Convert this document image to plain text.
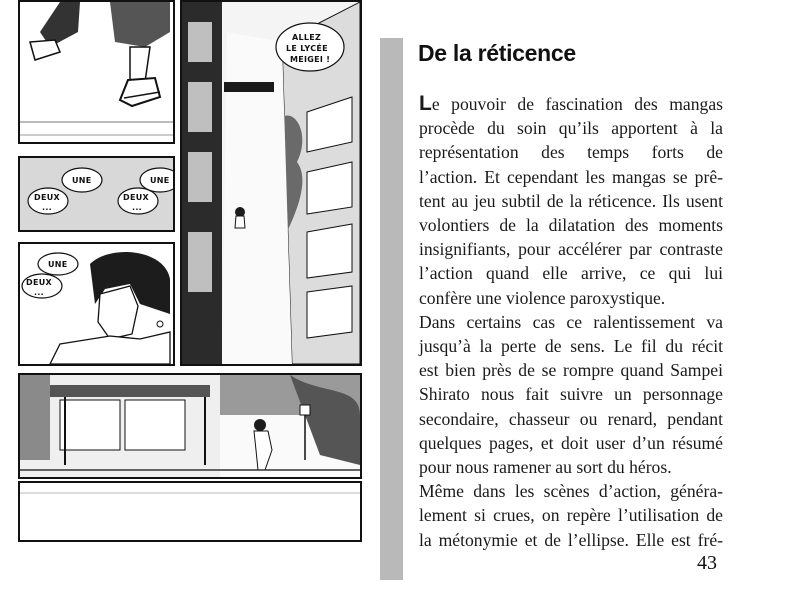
UNE
DEUX
...
UNE
DEUX
...
UNE
DEUX
...
ALLEZ
LE LYCÉE
MEIGEI !	De la réticence
Le pouvoir de fascination des mangas
procède du soin qu’ils apportent à la
représentation des temps forts de
l’action. Et cependant les mangas se prê-
tent au jeu subtil de la réticence. Ils usent
volontiers de la dilatation des moments
insignifiants, pour accélérer par contraste
l’action quand elle arrive, ce qui lui
confère une violence paroxystique.
Dans certains cas ce ralentissement va
jusqu’à la perte de sens. Le fil du récit
est bien près de se rompre quand Sampei
Shirato nous fait suivre un personnage
secondaire, chasseur ou renard, pendant
quelques pages, et doit user d’un résumé
pour nous ramener au sort du héros.
Même dans les scènes d’action, généra-
lement si crues, on repère l’utilisation de
la métonymie et de l’ellipse. Elle est fré-
43
